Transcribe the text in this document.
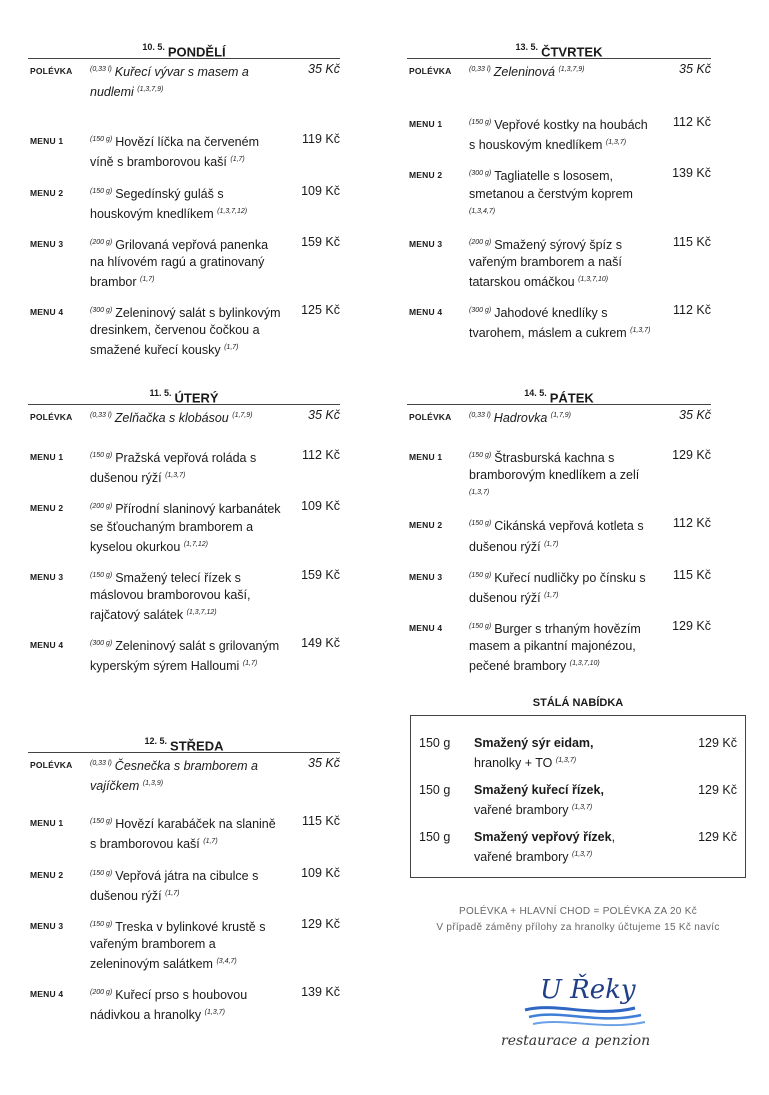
$^{10. 5.}$ PONDĚLÍ
POLÉVKA	$^{(0,33 l)}$ Kuřecí vývar s masem a nudlemi $^{(1,3,7,9)}$
35 Kč
MENU 1	$^{(150 g)}$ Hovězí líčka na červeném víně s bramborovou kaší $^{(1,7)}$
119 Kč
MENU 2	$^{(150 g)}$ Segedínský guláš s houskovým knedlíkem $^{(1,3,7,12)}$
109 Kč
MENU 3	$^{(200 g)}$ Grilovaná vepřová panenka na hlívovém ragú a gratinovaný brambor $^{(1,7)}$
159 Kč
MENU 4	$^{(300 g)}$ Zeleninový salát s bylinkovým dresinkem, červenou čočkou a smažené kuřecí kousky $^{(1,7)}$
125 Kč
$^{11. 5.}$ ÚTERÝ
POLÉVKA	$^{(0,33 l)}$ Zelňačka s klobásou $^{(1,7,9)}$	35 Kč
MENU 1	$^{(150 g)}$ Pražská vepřová roláda s dušenou rýží $^{(1,3,7)}$
112 Kč
MENU 2	$^{(200 g)}$ Přírodní slaninový karbanátek se šťouchaným bramborem a kyselou okurkou $^{(1,7,12)}$
109 Kč
MENU 3	$^{(150 g)}$ Smažený telecí řízek s máslovou bramborovou kaší, rajčatový salátek $^{(1,3,7,12)}$
159 Kč
MENU 4	$^{(300 g)}$ Zeleninový salát s grilovaným kyperským sýrem Halloumi $^{(1,7)}$
149 Kč
$^{12. 5.}$ STŘEDA
POLÉVKA	$^{(0,33 l)}$ Česnečka s bramborem a vajíčkem $^{(1,3,9)}$
35 Kč
MENU 1	$^{(150 g)}$ Hovězí karabáček na slanině s bramborovou kaší $^{(1,7)}$
115 Kč
MENU 2	$^{(150 g)}$ Vepřová játra na cibulce s dušenou rýží $^{(1,7)}$
109 Kč
MENU 3	$^{(150 g)}$ Treska v bylinkové krustě s vařeným bramborem a zeleninovým salátkem $^{(3,4,7)}$
129 Kč
MENU 4	$^{(200 g)}$ Kuřecí prso s houbovou nádivkou a hranolky $^{(1,3,7)}$
139 Kč
$^{13. 5.}$ ČTVRTEK
POLÉVKA	$^{(0,33 l)}$ Zeleninová $^{(1,3,7,9)}$	35 Kč
MENU 1	$^{(150 g)}$ Vepřové kostky na houbách s houskovým knedlíkem $^{(1,3,7)}$
112 Kč
MENU 2	$^{(300 g)}$ Tagliatelle s lososem, smetanou a čerstvým koprem $^{(1,3,4,7)}$
139 Kč
MENU 3	$^{(200 g)}$ Smažený sýrový špíz s vařeným bramborem a naší tatarskou omáčkou $^{(1,3,7,10)}$
115 Kč
MENU 4	$^{(300 g)}$ Jahodové knedlíky s tvarohem, máslem a cukrem $^{(1,3,7)}$
112 Kč
$^{14. 5.}$ PÁTEK
POLÉVKA	$^{(0,33 l)}$ Hadrovka $^{(1,7,9)}$	35 Kč
MENU 1	$^{(150 g)}$ Štrasburská kachna s bramborovým knedlíkem a zelí $^{(1,3,7)}$
129 Kč
MENU 2	$^{(150 g)}$ Cikánská vepřová kotleta s dušenou rýží $^{(1,7)}$
112 Kč
MENU 3	$^{(150 g)}$ Kuřecí nudličky po čínsku s dušenou rýží $^{(1,7)}$
115 Kč
MENU 4	$^{(150 g)}$ Burger s trhaným hovězím masem a pikantní majonézou, pečené brambory $^{(1,3,7,10)}$
129 Kč
STÁLÁ NABÍDKA
150 g Smažený sýr eidam,
hranolky + TO $^{(1,3,7)}$
129 Kč
150 g Smažený kuřecí řízek,
vařené brambory $^{(1,3,7)}$
129 Kč
150 g Smažený vepřový řízek,
vařené brambory $^{(1,3,7)}$
129 Kč
POLÉVKA + HLAVNÍ CHOD = POLÉVKA ZA 20 Kč
V případě záměny přílohy za hranolky účtujeme 15 Kč navíc
U Řeky
restaurace a penzion
